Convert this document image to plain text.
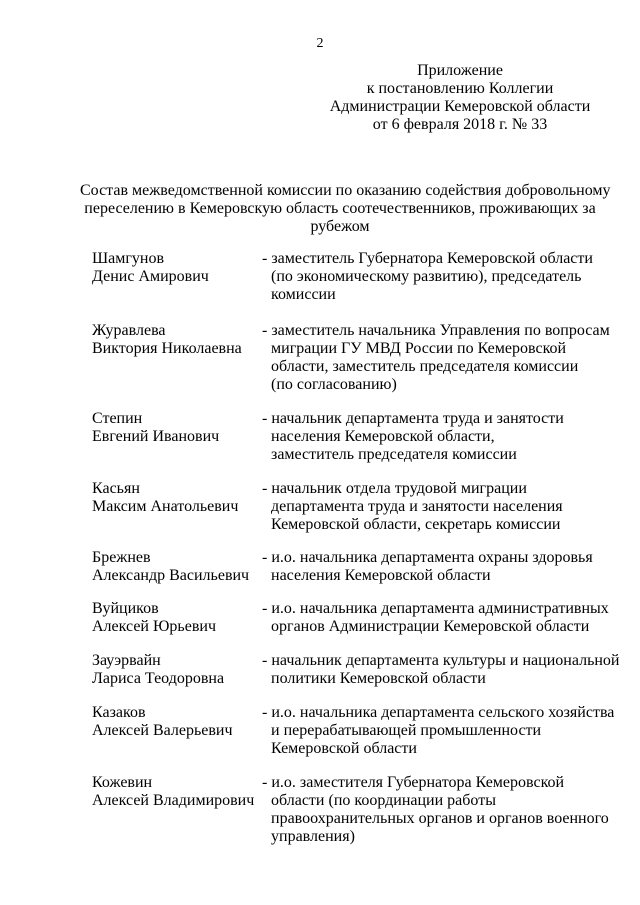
2
Приложение
к постановлению Коллегии
Администрации Кемеровской области
от 6 февраля 2018 г. № 33
Состав межведомственной комиссии по оказанию содействия добровольному
переселению в Кемеровскую область соотечественников, проживающих за
рубежом
Шамгунов
Денис Амирович
- заместитель Губернатора Кемеровской области
(по экономическому развитию), председатель
комиссии
Журавлева
Виктория Николаевна
- заместитель начальника Управления по вопросам
миграции ГУ МВД России по Кемеровской
области, заместитель председателя комиссии
(по согласованию)
Степин
Евгений Иванович
- начальник департамента труда и занятости
населения Кемеровской области,
заместитель председателя комиссии
Касьян
Максим Анатольевич
- начальник отдела трудовой миграции
департамента труда и занятости населения
Кемеровской области, секретарь комиссии
Брежнев
Александр Васильевич
- и.о. начальника департамента охраны здоровья
населения Кемеровской области
Вуйциков
Алексей Юрьевич
- и.о. начальника департамента административных
органов Администрации Кемеровской области
Зауэрвайн
Лариса Теодоровна
- начальник департамента культуры и национальной
политики Кемеровской области
Казаков
Алексей Валерьевич
- и.о. начальника департамента сельского хозяйства
и перерабатывающей промышленности
Кемеровской области
Кожевин
Алексей Владимирович
- и.о. заместителя Губернатора Кемеровской
области (по координации работы
правоохранительных органов и органов военного
управления)
